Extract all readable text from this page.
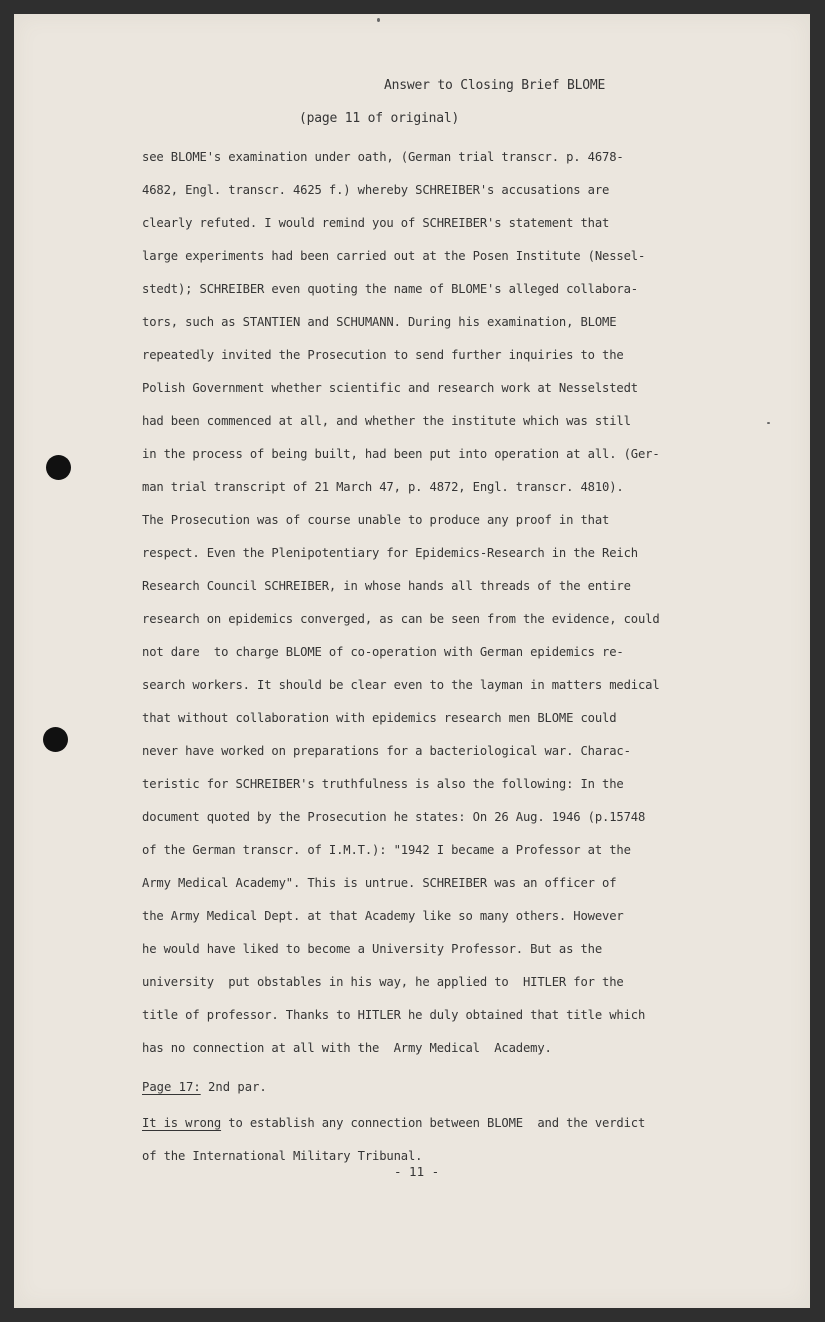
Answer to Closing Brief BLOME
(page 11 of original)
see BLOME's examination under oath, (German trial transcr. p. 4678-
4682, Engl. transcr. 4625 f.) whereby SCHREIBER's accusations are
clearly refuted. I would remind you of SCHREIBER's statement that
large experiments had been carried out at the Posen Institute (Nessel-
stedt); SCHREIBER even quoting the name of BLOME's alleged collabora-
tors, such as STANTIEN and SCHUMANN. During his examination, BLOME
repeatedly invited the Prosecution to send further inquiries to the
Polish Government whether scientific and research work at Nesselstedt
had been commenced at all, and whether the institute which was still
in the process of being built, had been put into operation at all. (Ger-
man trial transcript of 21 March 47, p. 4872, Engl. transcr. 4810).
The Prosecution was of course unable to produce any proof in that
respect. Even the Plenipotentiary for Epidemics-Research in the Reich
Research Council SCHREIBER, in whose hands all threads of the entire
research on epidemics converged, as can be seen from the evidence, could
not dare  to charge BLOME of co-operation with German epidemics re-
search workers. It should be clear even to the layman in matters medical
that without collaboration with epidemics research men BLOME could
never have worked on preparations for a bacteriological war. Charac-
teristic for SCHREIBER's truthfulness is also the following: In the
document quoted by the Prosecution he states: On 26 Aug. 1946 (p.15748
of the German transcr. of I.M.T.): "1942 I became a Professor at the
Army Medical Academy". This is untrue. SCHREIBER was an officer of
the Army Medical Dept. at that Academy like so many others. However
he would have liked to become a University Professor. But as the
university  put obstables in his way, he applied to  HITLER for the
title of professor. Thanks to HITLER he duly obtained that title which
has no connection at all with the  Army Medical  Academy.
Page 17: 2nd par.
It is wrong to establish any connection between BLOME  and the verdict
of the International Military Tribunal.
- 11 -
